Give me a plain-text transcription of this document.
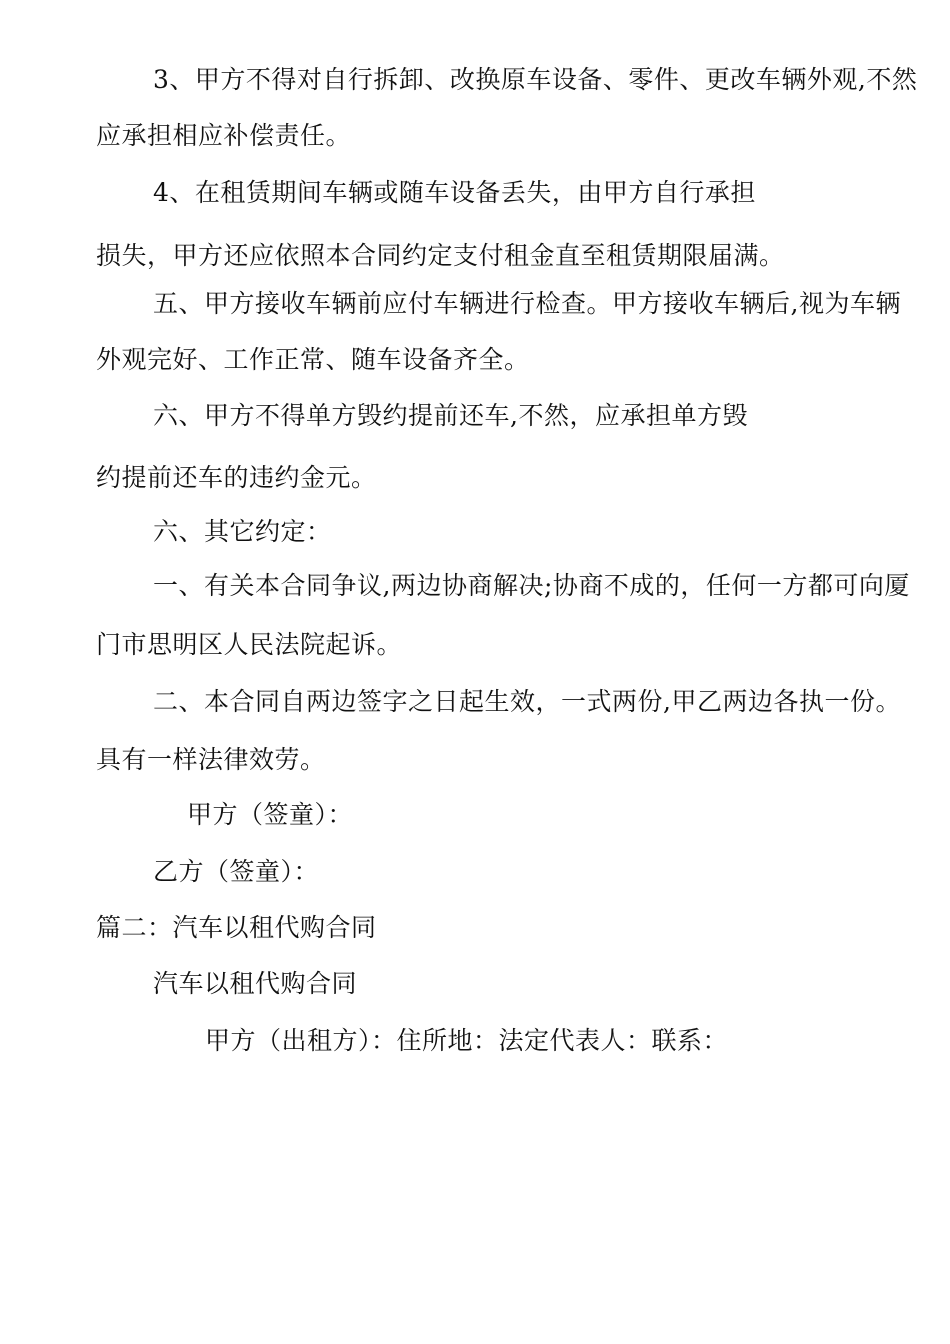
3、甲方不得对自行拆卸、改换原车设备、零件、更改车辆外观,不然
应承担相应补偿责任。
4、在租赁期间车辆或随车设备丢失，由甲方自行承担
损失，甲方还应依照本合同约定支付租金直至租赁期限届满。
五、甲方接收车辆前应付车辆进行检查。甲方接收车辆后,视为车辆
外观完好、工作正常、随车设备齐全。
六、甲方不得单方毁约提前还车,不然，应承担单方毁
约提前还车的违约金元。
六、其它约定：
一、有关本合同争议,两边协商解决;协商不成的，任何一方都可向厦
门市思明区人民法院起诉。
二、本合同自两边签字之日起生效，一式两份,甲乙两边各执一份。
具有一样法律效劳。
甲方（签童）：
乙方（签童）：
篇二：汽车以租代购合同
汽车以租代购合同
甲方（出租方）：住所地：法定代表人：联系：
